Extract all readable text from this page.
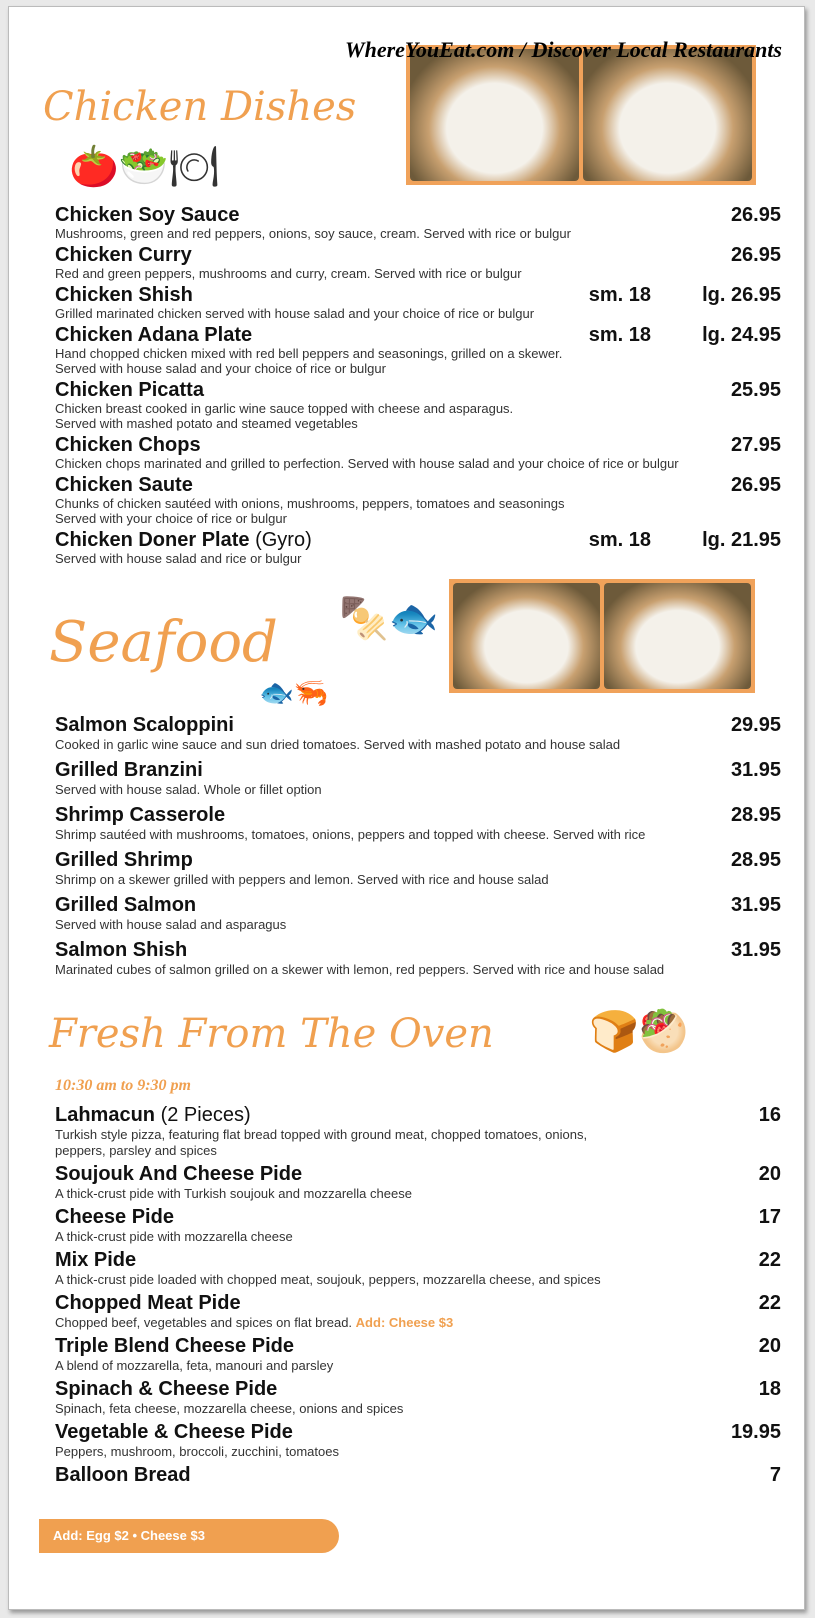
WhereYouEat.com / Discover Local Restaurants
Chicken Dishes
🍅🥗🍽
Chicken Soy Sauce
Mushrooms, green and red peppers, onions, soy sauce, cream. Served with rice or bulgur
26.95
Chicken Curry
Red and green peppers, mushrooms and curry, cream. Served with rice or bulgur
26.95
Chicken Shish
Grilled marinated chicken served with house salad and your choice of rice or bulgur
sm. 18	lg. 26.95
Chicken Adana Plate
Hand chopped chicken mixed with red bell peppers and seasonings, grilled on a skewer.
Served with house salad and your choice of rice or bulgur
sm. 18	lg. 24.95
Chicken Picatta
Chicken breast cooked in garlic wine sauce topped with cheese and asparagus.
Served with mashed potato and steamed vegetables
25.95
Chicken Chops
Chicken chops marinated and grilled to perfection. Served with house salad and your choice of rice or bulgur
27.95
Chicken Saute
Chunks of chicken sautéed with onions, mushrooms, peppers, tomatoes and seasonings
Served with your choice of rice or bulgur
26.95
Chicken Doner Plate (Gyro)
Served with house salad and rice or bulgur
sm. 18	lg. 21.95
Seafood 🍢🐟
🐟🦐
Salmon Scaloppini
Cooked in garlic wine sauce and sun dried tomatoes. Served with mashed potato and house salad
29.95
Grilled Branzini
Served with house salad. Whole or fillet option
31.95
Shrimp Casserole
Shrimp sautéed with mushrooms, tomatoes, onions, peppers and topped with cheese. Served with rice
28.95
Grilled Shrimp
Shrimp on a skewer grilled with peppers and lemon. Served with rice and house salad
28.95
Grilled Salmon
Served with house salad and asparagus
31.95
Salmon Shish
Marinated cubes of salmon grilled on a skewer with lemon, red peppers. Served with rice and house salad
31.95
Fresh From The Oven 🍞🥙
10:30 am to 9:30 pm
Lahmacun (2 Pieces)
Turkish style pizza, featuring flat bread topped with ground meat, chopped tomatoes, onions,
peppers, parsley and spices
16
Soujouk And Cheese Pide
A thick-crust pide with Turkish soujouk and mozzarella cheese
20
Cheese Pide
A thick-crust pide with mozzarella cheese
17
Mix Pide
A thick-crust pide loaded with chopped meat, soujouk, peppers, mozzarella cheese, and spices
22
Chopped Meat Pide
Chopped beef, vegetables and spices on flat bread. Add: Cheese $3
22
Triple Blend Cheese Pide
A blend of mozzarella, feta, manouri and parsley
20
Spinach & Cheese Pide
Spinach, feta cheese, mozzarella cheese, onions and spices
18
Vegetable & Cheese Pide
Peppers, mushroom, broccoli, zucchini, tomatoes
19.95
Balloon Bread	7
Add: Egg $2 • Cheese $3
